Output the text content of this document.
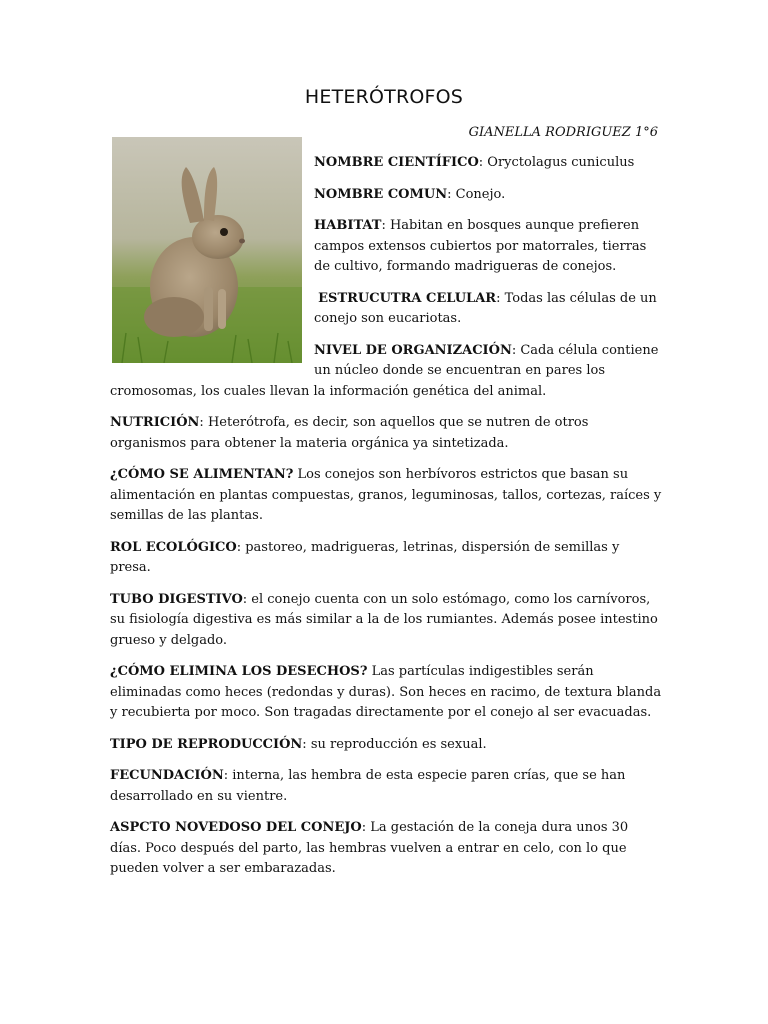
HETERÓTROFOS
GIANELLA RODRIGUEZ 1°6

NOMBRE CIENTÍFICO: Oryctolagus cuniculus

NOMBRE COMUN: Conejo.

HABITAT: Habitan en bosques aunque prefieren campos extensos cubiertos por matorrales, tierras de cultivo, formando madrigueras de conejos.

ESTRUCUTRA CELULAR: Todas las células de un conejo son eucariotas.

NIVEL DE ORGANIZACIÓN: Cada célula contiene un núcleo donde se encuentran en pares los cromosomas, los cuales llevan la información genética del animal.

NUTRICIÓN: Heterótrofa, es decir, son aquellos que se nutren de otros organismos para obtener la materia orgánica ya sintetizada.

¿CÓMO SE ALIMENTAN? Los conejos son herbívoros estrictos que basan su alimentación en plantas compuestas, granos, leguminosas, tallos, cortezas, raíces y semillas de las plantas.

ROL ECOLÓGICO: pastoreo, madrigueras, letrinas, dispersión de semillas y presa.

TUBO DIGESTIVO: el conejo cuenta con un solo estómago, como los carnívoros, su fisiología digestiva es más similar a la de los rumiantes. Además posee intestino grueso y delgado.

¿CÓMO ELIMINA LOS DESECHOS? Las partículas indigestibles serán eliminadas como heces (redondas y duras). Son heces en racimo, de textura blanda y recubierta por moco. Son tragadas directamente por el conejo al ser evacuadas.

TIPO DE REPRODUCCIÓN: su reproducción es sexual.

FECUNDACIÓN: interna, las hembra de esta especie paren crías, que se han desarrollado en su vientre.

ASPCTO NOVEDOSO DEL CONEJO: La gestación de la coneja dura unos 30 días. Poco después del parto, las hembras vuelven a entrar en celo, con lo que pueden volver a ser embarazadas.
